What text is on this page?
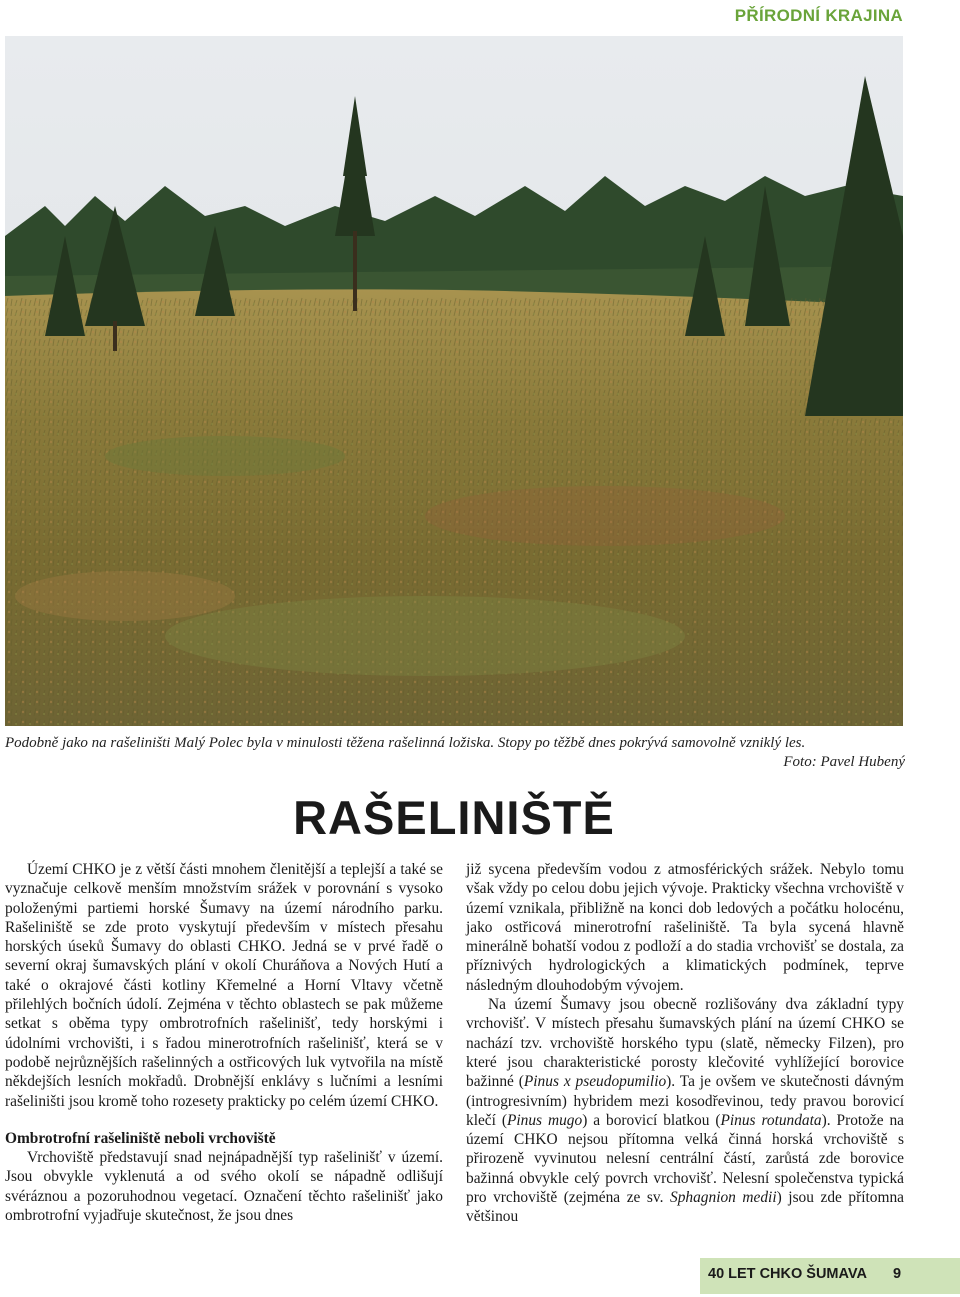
PŘÍRODNÍ KRAJINA
Podobně jako na rašeliništi Malý Polec byla v minulosti těžena rašelinná ložiska. Stopy po těžbě dnes pokrývá samovolně vzniklý les.
Foto: Pavel Hubený
RAŠELINIŠTĚ

Území CHKO je z větší části mnohem členitější a teplejší a také se vyznačuje celkově menším množstvím srážek v porovnání s vysoko položenými partiemi horské Šumavy na území národního parku. Rašeliniště se zde proto vyskytují především v místech přesahu horských úseků Šumavy do oblasti CHKO. Jedná se v prvé řadě o severní okraj šumavských plání v okolí Churáňova a Nových Hutí a také o okrajové části kotliny Křemelné a Horní Vltavy včetně přilehlých bočních údolí. Zejména v těchto oblastech se pak můžeme setkat s oběma typy ombrotrofních rašelinišť, tedy horskými i údolními vrchovišti, i s řadou minerotrofních rašelinišť, která se v podobě nejrůznějších rašelinných a ostřicových luk vytvořila na místě někdejších lesních mokřadů. Drobnější enklávy s lučními a lesními rašeliništi jsou kromě toho rozesety prakticky po celém území CHKO.

Ombrotrofní rašeliniště neboli vrchoviště

Vrchoviště představují snad nejnápadnější typ rašelinišť v území. Jsou obvykle vyklenutá a od svého okolí se nápadně odlišují svéráznou a pozoruhodnou vegetací. Označení těchto rašelinišť jako ombrotrofní vyjadřuje skutečnost, že jsou dnes

již sycena především vodou z atmosférických srážek. Nebylo tomu však vždy po celou dobu jejich vývoje. Prakticky všechna vrchoviště v území vznikala, přibližně na konci dob ledových a počátku holocénu, jako ostřicová minerotrofní rašeliniště. Ta byla sycená hlavně minerálně bohatší vodou z podloží a do stadia vrchovišť se dostala, za příznivých hydrologických a klimatických podmínek, teprve následným dlouhodobým vývojem.

Na území Šumavy jsou obecně rozlišovány dva základní typy vrchovišť. V místech přesahu šumavských plání na území CHKO se nachází tzv. vrchoviště horského typu (slatě, německy Filzen), pro které jsou charakteristické porosty klečovité vyhlížející borovice bažinné (Pinus x pseudopumilio). Ta je ovšem ve skutečnosti dávným (introgresivním) hybridem mezi kosodřevinou, tedy pravou borovicí klečí (Pinus mugo) a borovicí blatkou (Pinus rotundata). Protože na území CHKO nejsou přítomna velká činná horská vrchoviště s přirozeně vyvinutou nelesní centrální částí, zarůstá zde borovice bažinná obvykle celý povrch vrchovišť. Nelesní společenstva typická pro vrchoviště (zejména ze sv. Sphagnion medii) jsou zde přítomna většinou

40 LET CHKO ŠUMAVA 9
